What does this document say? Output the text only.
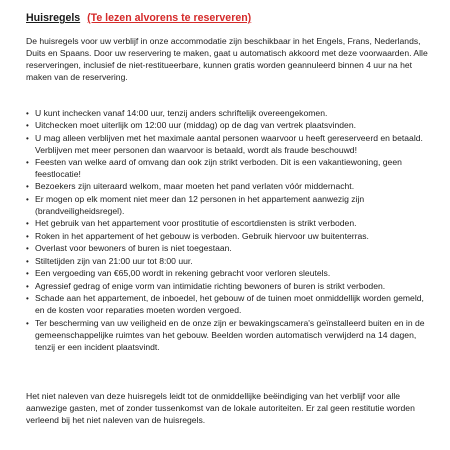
Huisregels (Te lezen alvorens te reserveren)

De huisregels voor uw verblijf in onze accommodatie zijn beschikbaar in het Engels, Frans, Nederlands, Duits en Spaans. Door uw reservering te maken, gaat u automatisch akkoord met deze voorwaarden. Alle reserveringen, inclusief de niet-restitueerbare, kunnen gratis worden geannuleerd binnen 4 uur na het maken van de reservering.

• U kunt inchecken vanaf 14:00 uur, tenzij anders schriftelijk overeengekomen.
• Uitchecken moet uiterlijk om 12:00 uur (middag) op de dag van vertrek plaatsvinden.
• U mag alleen verblijven met het maximale aantal personen waarvoor u heeft gereserveerd en betaald. Verblijven met meer personen dan waarvoor is betaald, wordt als fraude beschouwd!
• Feesten van welke aard of omvang dan ook zijn strikt verboden. Dit is een vakantiewoning, geen feestlocatie!
• Bezoekers zijn uiteraard welkom, maar moeten het pand verlaten vóór middernacht.
• Er mogen op elk moment niet meer dan 12 personen in het appartement aanwezig zijn (brandveiligheidsregel).
• Het gebruik van het appartement voor prostitutie of escortdiensten is strikt verboden.
• Roken in het appartement of het gebouw is verboden. Gebruik hiervoor uw buitenterras.
• Overlast voor bewoners of buren is niet toegestaan.
• Stiltetijden zijn van 21:00 uur tot 8:00 uur.
• Een vergoeding van €65,00 wordt in rekening gebracht voor verloren sleutels.
• Agressief gedrag of enige vorm van intimidatie richting bewoners of buren is strikt verboden.
• Schade aan het appartement, de inboedel, het gebouw of de tuinen moet onmiddellijk worden gemeld, en de kosten voor reparaties moeten worden vergoed.
• Ter bescherming van uw veiligheid en de onze zijn er bewakingscamera's geïnstalleerd buiten en in de gemeenschappelijke ruimtes van het gebouw. Beelden worden automatisch verwijderd na 14 dagen, tenzij er een incident plaatsvindt.

Het niet naleven van deze huisregels leidt tot de onmiddellijke beëindiging van het verblijf voor alle aanwezige gasten, met of zonder tussenkomst van de lokale autoriteiten. Er zal geen restitutie worden verleend bij het niet naleven van de huisregels.
